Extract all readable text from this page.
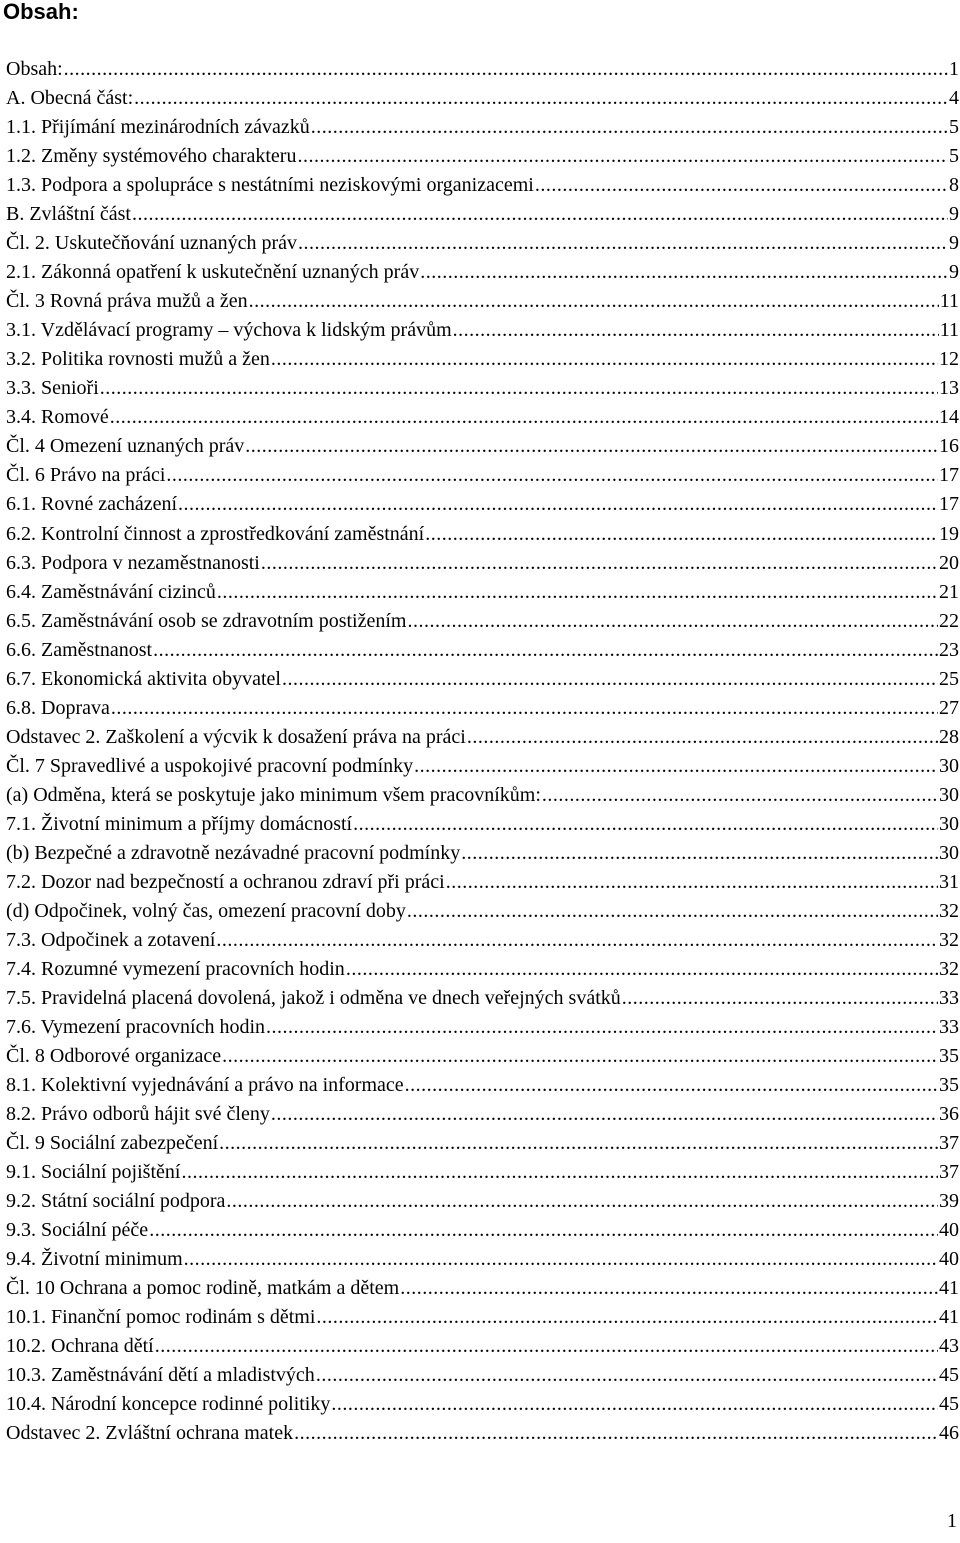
Obsah:
Obsah: .....	1
A. Obecná část: .....	4
1.1. Přijímání mezinárodních závazků .....	5
1.2. Změny systémového charakteru .....	5
1.3. Podpora a spolupráce s nestátními neziskovými organizacemi .....	8
B. Zvláštní část .....	9
Čl. 2. Uskutečňování uznaných práv .....	9
2.1. Zákonná opatření k uskutečnění uznaných práv .....	9
Čl. 3 Rovná práva mužů a žen .....	11
3.1. Vzdělávací programy – výchova k lidským právům .....	11
3.2. Politika rovnosti mužů a žen .....	12
3.3. Senioři .....	13
3.4. Romové .....	14
Čl. 4 Omezení uznaných práv .....	16
Čl. 6 Právo na práci .....	17
6.1. Rovné zacházení .....	17
6.2. Kontrolní činnost a zprostředkování zaměstnání .....	19
6.3. Podpora v nezaměstnanosti .....	20
6.4. Zaměstnávání cizinců .....	21
6.5. Zaměstnávání osob se zdravotním postižením .....	22
6.6. Zaměstnanost .....	23
6.7. Ekonomická aktivita obyvatel .....	25
6.8. Doprava .....	27
Odstavec 2. Zaškolení a výcvik k dosažení práva na práci .....	28
Čl. 7 Spravedlivé a uspokojivé pracovní podmínky .....	30
(a) Odměna, která se poskytuje jako minimum všem pracovníkům: .....	30
7.1. Životní minimum a příjmy domácností .....	30
(b) Bezpečné a zdravotně nezávadné pracovní podmínky .....	30
7.2. Dozor nad bezpečností a ochranou zdraví při práci .....	31
(d) Odpočinek, volný čas, omezení pracovní doby .....	32
7.3. Odpočinek a zotavení .....	32
7.4. Rozumné vymezení pracovních hodin .....	32
7.5. Pravidelná placená dovolená, jakož i odměna ve dnech veřejných svátků .....	33
7.6. Vymezení pracovních hodin .....	33
Čl. 8 Odborové organizace .....	35
8.1. Kolektivní vyjednávání a právo na informace .....	35
8.2. Právo odborů hájit své členy .....	36
Čl. 9 Sociální zabezpečení .....	37
9.1. Sociální pojištění .....	37
9.2. Státní sociální podpora .....	39
9.3. Sociální péče .....	40
9.4. Životní minimum .....	40
Čl. 10 Ochrana a pomoc rodině, matkám a dětem .....	41
10.1. Finanční pomoc rodinám s dětmi .....	41
10.2. Ochrana dětí .....	43
10.3. Zaměstnávání dětí a mladistvých .....	45
10.4. Národní koncepce rodinné politiky .....	45
Odstavec 2. Zvláštní ochrana matek .....	46
1
